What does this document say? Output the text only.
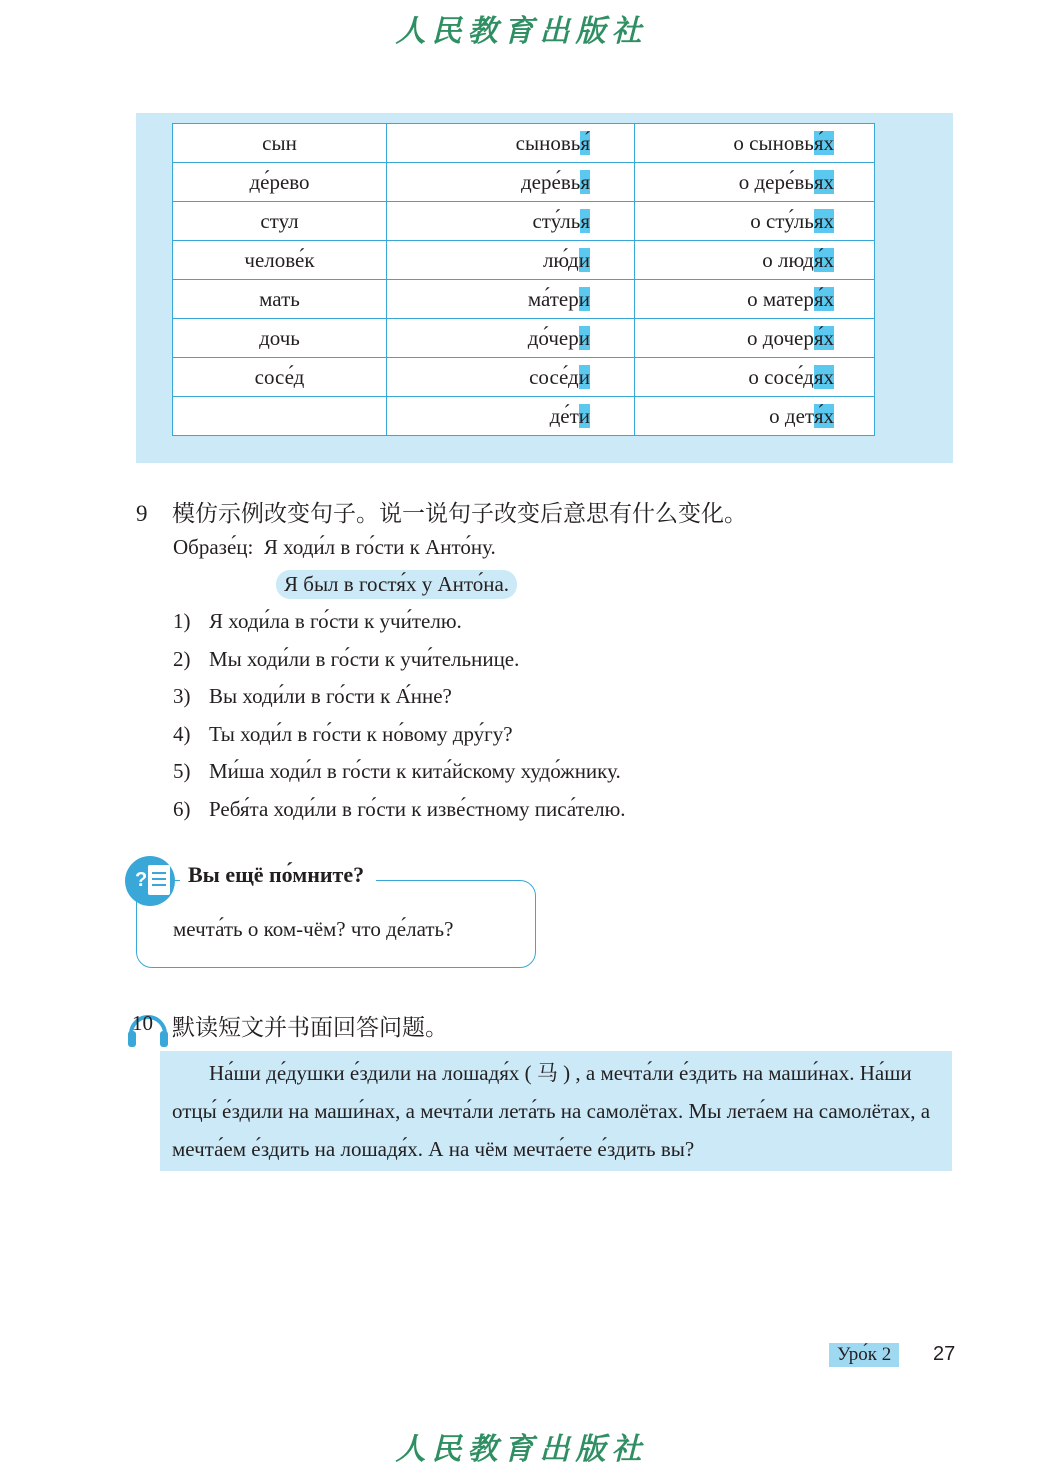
人民教育出版社
сын	сыновья́	о сыновья́х
де́рево	дере́вья	о дере́вьях
стул	сту́лья	о сту́льях
челове́к	лю́ди	о людя́х
мать	ма́тери	о матеря́х
дочь	до́чери	о дочеря́х
сосе́д	сосе́ди	о сосе́дях
	де́ти	о детя́х
9 模仿示例改变句子。说一说句子改变后意思有什么变化。
Образе́ц: Я ходи́л в го́сти к Анто́ну.
Я был в гостя́х у Анто́на.
1) Я ходи́ла в го́сти к учи́телю.
2) Мы ходи́ли в го́сти к учи́тельнице.
3) Вы ходи́ли в го́сти к А́нне?
4) Ты ходи́л в го́сти к но́вому дру́гу?
5) Ми́ша ходи́л в го́сти к кита́йскому худо́жнику.
6) Ребя́та ходи́ли в го́сти к изве́стному писа́телю.
?	Вы ещё по́мните?
мечта́ть о ком-чём? что де́лать?
10 默读短文并书面回答问题。

На́ши де́душки е́здили на лошадя́х ( 马 ) , а мечта́ли е́здить на маши́нах. На́ши отцы́ е́здили на маши́нах, а мечта́ли лета́ть на самолётах. Мы лета́ем на самолётах, а мечта́ем е́здить на лошадя́х. А на чём мечта́ете е́здить вы?

Уро́к 2	27
人民教育出版社
